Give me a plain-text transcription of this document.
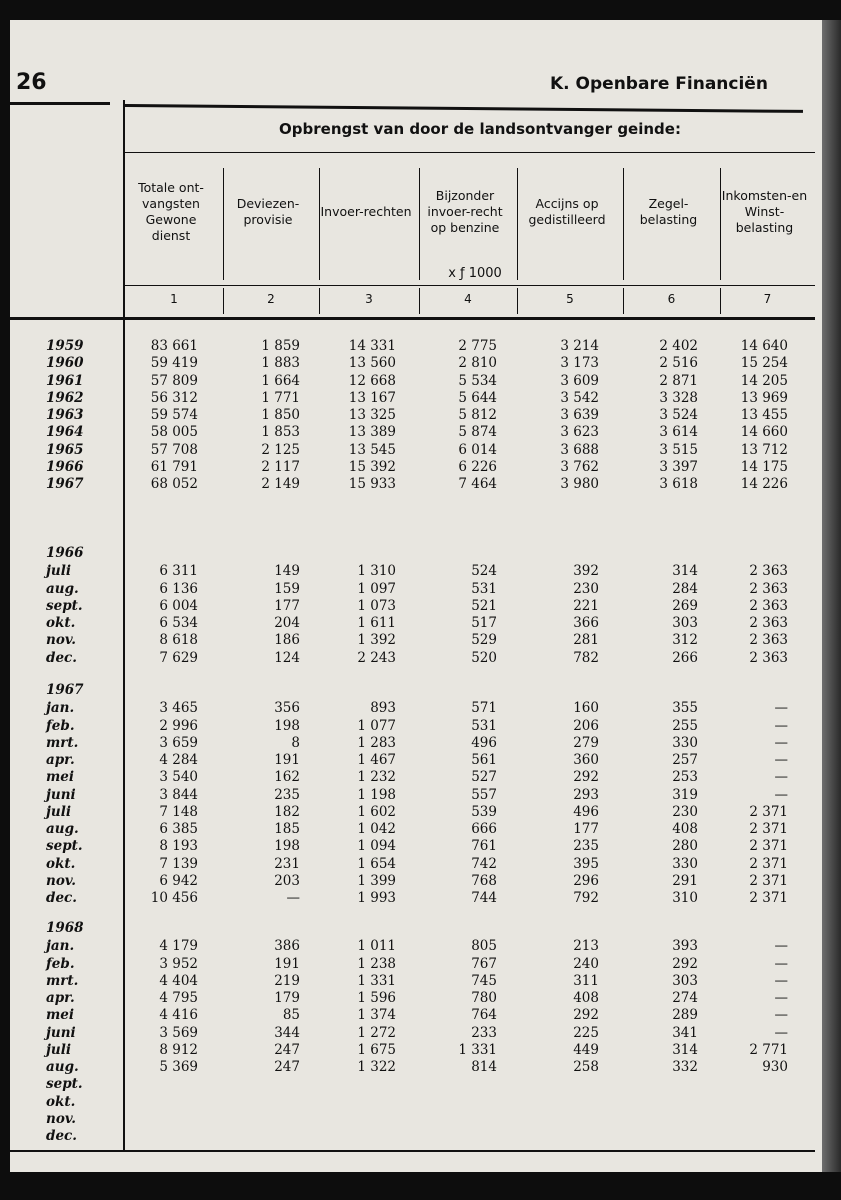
26	K. Openbare Financiën
Opbrengst van door de landsontvanger geinde:
Totale ont-vangsten Gewone dienst
1
Deviezen-provisie
2
Invoer-rechten
3
Bijzonder invoer-recht op benzine
4
Accijns op gedistilleerd
5
Zegel-belasting
6
Inkomsten-en Winst-belasting
7
x ƒ 1000
1959	83 661	1 859	14 331	2 775	3 214	2 402	14 640
1960	59 419	1 883	13 560	2 810	3 173	2 516	15 254
1961	57 809	1 664	12 668	5 534	3 609	2 871	14 205
1962	56 312	1 771	13 167	5 644	3 542	3 328	13 969
1963	59 574	1 850	13 325	5 812	3 639	3 524	13 455
1964	58 005	1 853	13 389	5 874	3 623	3 614	14 660
1965	57 708	2 125	13 545	6 014	3 688	3 515	13 712
1966	61 791	2 117	15 392	6 226	3 762	3 397	14 175
1967	68 052	2 149	15 933	7 464	3 980	3 618	14 226
1966
juli	6 311	149	1 310	524	392	314	2 363
aug.	6 136	159	1 097	531	230	284	2 363
sept.	6 004	177	1 073	521	221	269	2 363
okt.	6 534	204	1 611	517	366	303	2 363
nov.	8 618	186	1 392	529	281	312	2 363
dec.	7 629	124	2 243	520	782	266	2 363
1967
jan.	3 465	356	893	571	160	355	—
feb.	2 996	198	1 077	531	206	255	—
mrt.	3 659	8	1 283	496	279	330	—
apr.	4 284	191	1 467	561	360	257	—
mei	3 540	162	1 232	527	292	253	—
juni	3 844	235	1 198	557	293	319	—
juli	7 148	182	1 602	539	496	230	2 371
aug.	6 385	185	1 042	666	177	408	2 371
sept.	8 193	198	1 094	761	235	280	2 371
okt.	7 139	231	1 654	742	395	330	2 371
nov.	6 942	203	1 399	768	296	291	2 371
dec.	10 456	—	1 993	744	792	310	2 371
1968
jan.	4 179	386	1 011	805	213	393	—
feb.	3 952	191	1 238	767	240	292	—
mrt.	4 404	219	1 331	745	311	303	—
apr.	4 795	179	1 596	780	408	274	—
mei	4 416	85	1 374	764	292	289	—
juni	3 569	344	1 272	233	225	341	—
juli	8 912	247	1 675	1 331	449	314	2 771
aug.	5 369	247	1 322	814	258	332	930
sept.
okt.
nov.
dec.
